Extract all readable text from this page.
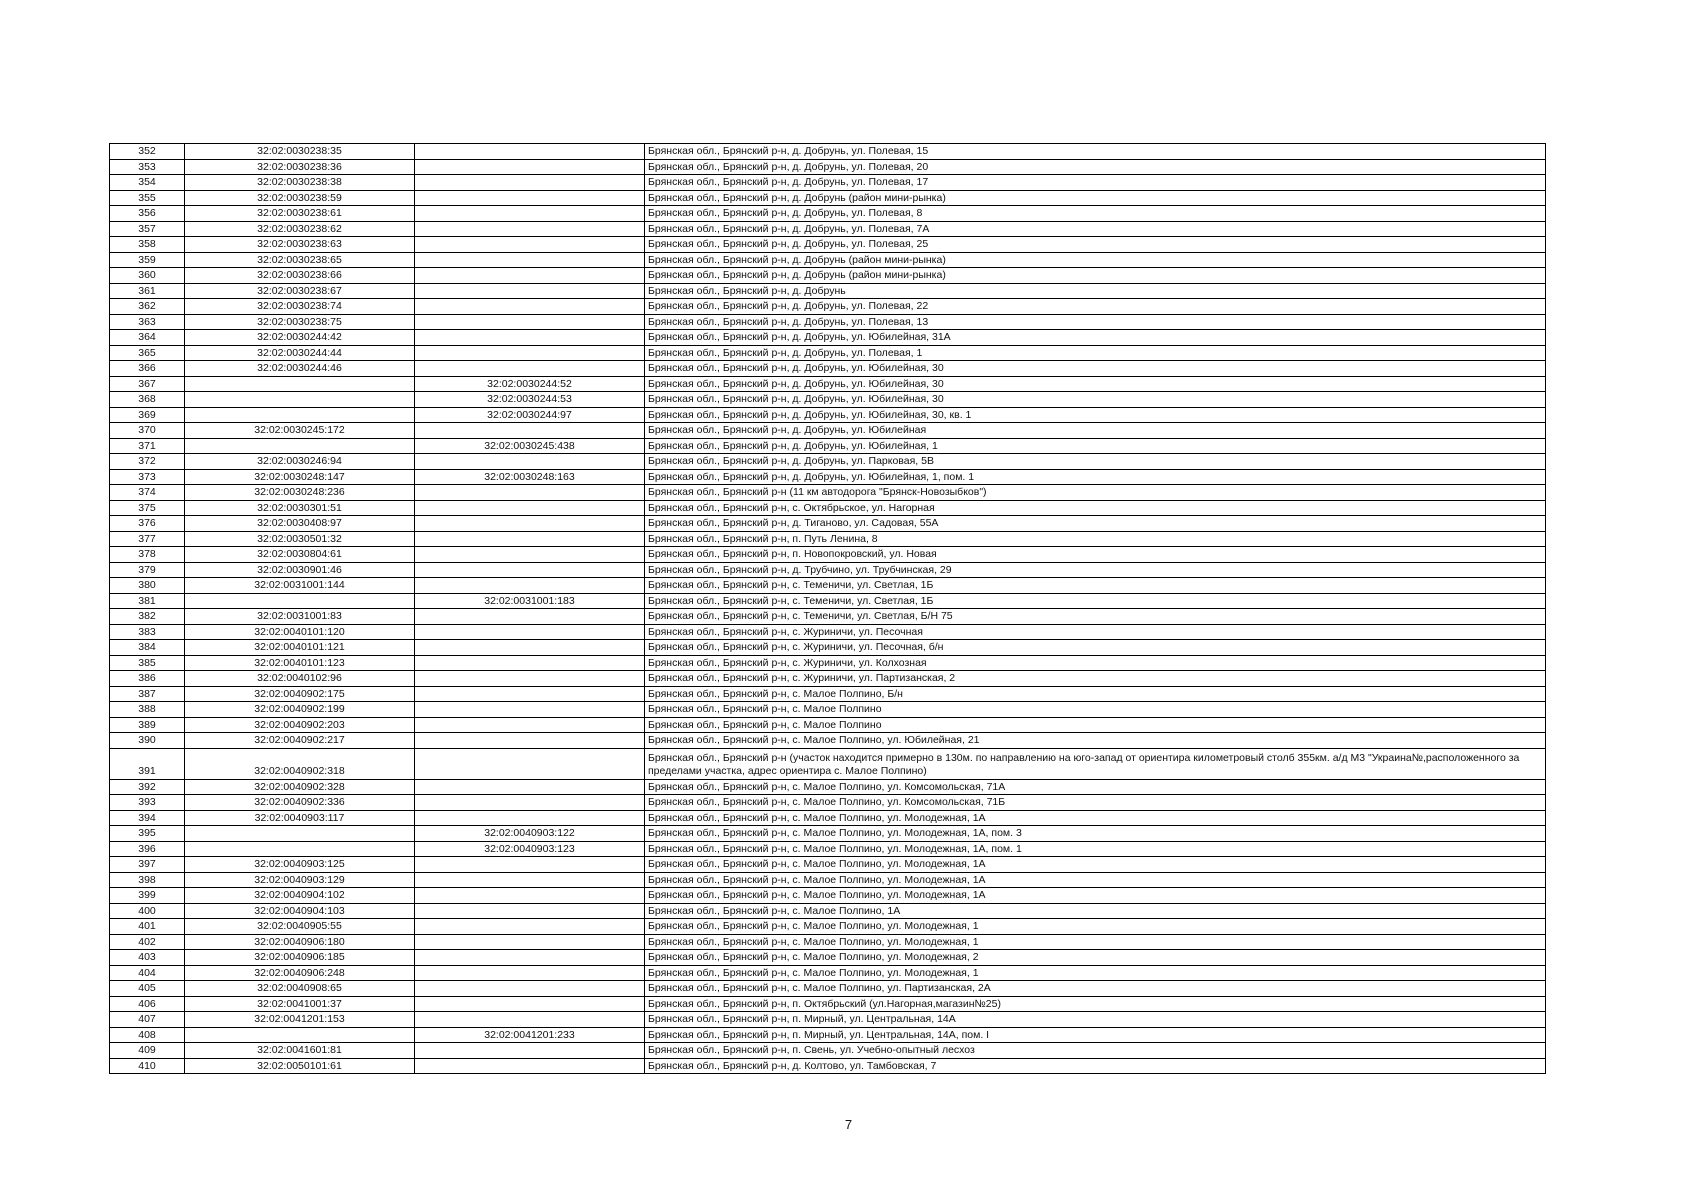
352	32:02:0030238:35		Брянская обл., Брянский р-н, д. Добрунь, ул. Полевая, 15
353	32:02:0030238:36		Брянская обл., Брянский р-н, д. Добрунь, ул. Полевая, 20
354	32:02:0030238:38		Брянская обл., Брянский р-н, д. Добрунь, ул. Полевая, 17
355	32:02:0030238:59		Брянская обл., Брянский р-н, д. Добрунь (район мини-рынка)
356	32:02:0030238:61		Брянская обл., Брянский р-н, д. Добрунь, ул. Полевая, 8
357	32:02:0030238:62		Брянская обл., Брянский р-н, д. Добрунь, ул. Полевая, 7А
358	32:02:0030238:63		Брянская обл., Брянский р-н, д. Добрунь, ул. Полевая, 25
359	32:02:0030238:65		Брянская обл., Брянский р-н, д. Добрунь (район мини-рынка)
360	32:02:0030238:66		Брянская обл., Брянский р-н, д. Добрунь (район мини-рынка)
361	32:02:0030238:67		Брянская обл., Брянский р-н, д. Добрунь
362	32:02:0030238:74		Брянская обл., Брянский р-н, д. Добрунь, ул. Полевая, 22
363	32:02:0030238:75		Брянская обл., Брянский р-н, д. Добрунь, ул. Полевая, 13
364	32:02:0030244:42		Брянская обл., Брянский р-н, д. Добрунь, ул. Юбилейная, 31А
365	32:02:0030244:44		Брянская обл., Брянский р-н, д. Добрунь, ул. Полевая, 1
366	32:02:0030244:46		Брянская обл., Брянский р-н, д. Добрунь, ул. Юбилейная, 30
367		32:02:0030244:52	Брянская обл., Брянский р-н, д. Добрунь, ул. Юбилейная, 30
368		32:02:0030244:53	Брянская обл., Брянский р-н, д. Добрунь, ул. Юбилейная, 30
369		32:02:0030244:97	Брянская обл., Брянский р-н, д. Добрунь, ул. Юбилейная, 30, кв. 1
370	32:02:0030245:172		Брянская обл., Брянский р-н, д. Добрунь, ул. Юбилейная
371		32:02:0030245:438	Брянская обл., Брянский р-н, д. Добрунь, ул. Юбилейная, 1
372	32:02:0030246:94		Брянская обл., Брянский р-н, д. Добрунь, ул. Парковая, 5В
373	32:02:0030248:147	32:02:0030248:163	Брянская обл., Брянский р-н, д. Добрунь, ул. Юбилейная, 1, пом. 1
374	32:02:0030248:236		Брянская обл., Брянский р-н (11 км автодорога "Брянск-Новозыбков")
375	32:02:0030301:51		Брянская обл., Брянский р-н, с. Октябрьское, ул. Нагорная
376	32:02:0030408:97		Брянская обл., Брянский р-н, д. Тиганово, ул. Садовая, 55А
377	32:02:0030501:32		Брянская обл., Брянский р-н, п. Путь Ленина, 8
378	32:02:0030804:61		Брянская обл., Брянский р-н, п. Новопокровский, ул. Новая
379	32:02:0030901:46		Брянская обл., Брянский р-н, д. Трубчино, ул. Трубчинская, 29
380	32:02:0031001:144		Брянская обл., Брянский р-н, с. Теменичи, ул. Светлая, 1Б
381		32:02:0031001:183	Брянская обл., Брянский р-н, с. Теменичи, ул. Светлая, 1Б
382	32:02:0031001:83		Брянская обл., Брянский р-н, с. Теменичи, ул. Светлая, Б/Н 75
383	32:02:0040101:120		Брянская обл., Брянский р-н, с. Журиничи, ул. Песочная
384	32:02:0040101:121		Брянская обл., Брянский р-н, с. Журиничи, ул. Песочная, б/н
385	32:02:0040101:123		Брянская обл., Брянский р-н, с. Журиничи, ул. Колхозная
386	32:02:0040102:96		Брянская обл., Брянский р-н, с. Журиничи, ул. Партизанская, 2
387	32:02:0040902:175		Брянская обл., Брянский р-н, с. Малое Полпино, Б/н
388	32:02:0040902:199		Брянская обл., Брянский р-н, с. Малое Полпино
389	32:02:0040902:203		Брянская обл., Брянский р-н, с. Малое Полпино
390	32:02:0040902:217		Брянская обл., Брянский р-н, с. Малое Полпино, ул. Юбилейная, 21
391	32:02:0040902:318		Брянская обл., Брянский р-н (участок находится примерно в 130м. по направлению на юго-запад от ориентира километровый столб 355км. а/д М3 "Украина№,расположенного за пределами участка, адрес ориентира с. Малое Полпино)
392	32:02:0040902:328		Брянская обл., Брянский р-н, с. Малое Полпино, ул. Комсомольская, 71А
393	32:02:0040902:336		Брянская обл., Брянский р-н, с. Малое Полпино, ул. Комсомольская, 71Б
394	32:02:0040903:117		Брянская обл., Брянский р-н, с. Малое Полпино, ул. Молодежная, 1А
395		32:02:0040903:122	Брянская обл., Брянский р-н, с. Малое Полпино, ул. Молодежная, 1А, пом. 3
396		32:02:0040903:123	Брянская обл., Брянский р-н, с. Малое Полпино, ул. Молодежная, 1А, пом. 1
397	32:02:0040903:125		Брянская обл., Брянский р-н, с. Малое Полпино, ул. Молодежная, 1А
398	32:02:0040903:129		Брянская обл., Брянский р-н, с. Малое Полпино, ул. Молодежная, 1А
399	32:02:0040904:102		Брянская обл., Брянский р-н, с. Малое Полпино, ул. Молодежная, 1А
400	32:02:0040904:103		Брянская обл., Брянский р-н, с. Малое Полпино, 1А
401	32:02:0040905:55		Брянская обл., Брянский р-н, с. Малое Полпино, ул. Молодежная, 1
402	32:02:0040906:180		Брянская обл., Брянский р-н, с. Малое Полпино, ул. Молодежная, 1
403	32:02:0040906:185		Брянская обл., Брянский р-н, с. Малое Полпино, ул. Молодежная, 2
404	32:02:0040906:248		Брянская обл., Брянский р-н, с. Малое Полпино, ул. Молодежная, 1
405	32:02:0040908:65		Брянская обл., Брянский р-н, с. Малое Полпино, ул. Партизанская, 2А
406	32:02:0041001:37		Брянская обл., Брянский р-н, п. Октябрьский (ул.Нагорная,магазин№25)
407	32:02:0041201:153		Брянская обл., Брянский р-н, п. Мирный, ул. Центральная, 14А
408		32:02:0041201:233	Брянская обл., Брянский р-н, п. Мирный, ул. Центральная, 14А, пом. I
409	32:02:0041601:81		Брянская обл., Брянский р-н, п. Свень, ул. Учебно-опытный лесхоз
410	32:02:0050101:61		Брянская обл., Брянский р-н, д. Колтово, ул. Тамбовская, 7
7
